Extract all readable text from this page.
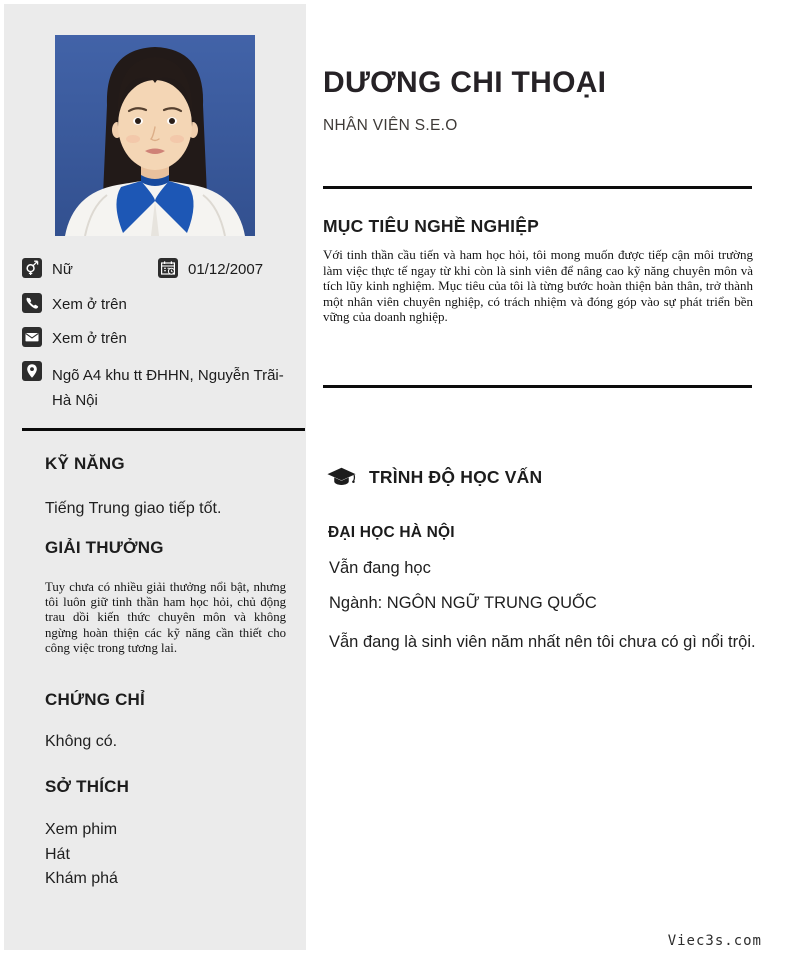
Nữ	01/12/2007
Xem ở trên
Xem ở trên
Ngõ A4 khu tt ĐHHN, Nguyễn Trãi- Hà Nội
KỸ NĂNG
Tiếng Trung giao tiếp tốt.
GIẢI THƯỞNG

Tuy chưa có nhiều giải thưởng nổi bật, nhưng tôi luôn giữ tinh thần ham học hỏi, chủ động trau dồi kiến thức chuyên môn và không ngừng hoàn thiện các kỹ năng cần thiết cho công việc trong tương lai.

CHỨNG CHỈ
Không có.
SỞ THÍCH
Xem phim
Hát
Khám phá
DƯƠNG CHI THOẠI
NHÂN VIÊN S.E.O
MỤC TIÊU NGHỀ NGHIỆP

Với tinh thần cầu tiến và ham học hỏi, tôi mong muốn được tiếp cận môi trường làm việc thực tế ngay từ khi còn là sinh viên để nâng cao kỹ năng chuyên môn và tích lũy kinh nghiệm. Mục tiêu của tôi là từng bước hoàn thiện bản thân, trở thành một nhân viên chuyên nghiệp, có trách nhiệm và đóng góp vào sự phát triển bền vững của doanh nghiệp.

TRÌNH ĐỘ HỌC VẤN
ĐẠI HỌC HÀ NỘI
Vẫn đang học
Ngành: NGÔN NGỮ TRUNG QUỐC
Vẫn đang là sinh viên năm nhất nên tôi chưa có gì nổi trội.
Viec3s.com
